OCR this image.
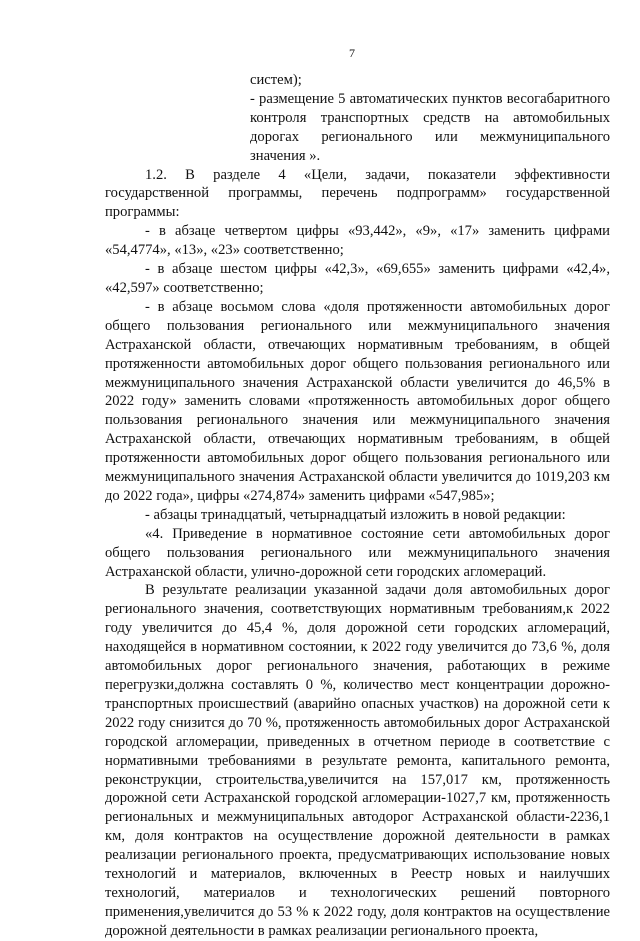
7

систем);

- размещение 5 автоматических пунктов весогабаритного контроля транспортных средств на автомобильных дорогах регионального или межмуниципального значения ».

1.2. В разделе 4 «Цели, задачи, показатели эффективности государственной программы, перечень подпрограмм» государственной программы:

- в абзаце четвертом цифры «93,442», «9», «17» заменить цифрами «54,4774», «13», «23» соответственно;

- в абзаце шестом цифры «42,3», «69,655» заменить цифрами «42,4», «42,597» соответственно;

- в абзаце восьмом слова «доля протяженности автомобильных дорог общего пользования регионального или межмуниципального значения Астраханской области, отвечающих нормативным требованиям, в общей протяженности автомобильных дорог общего пользования регионального или межмуниципального значения Астраханской области увеличится до 46,5% в 2022 году» заменить словами «протяженность автомобильных дорог общего пользования регионального значения или межмуниципального значения Астраханской области, отвечающих нормативным требованиям, в общей протяженности автомобильных дорог общего пользования регионального или межмуниципального значения Астраханской области увеличится до 1019,203 км до 2022 года», цифры «274,874» заменить цифрами «547,985»;

- абзацы тринадцатый, четырнадцатый изложить в новой редакции:

«4. Приведение в нормативное состояние сети автомобильных дорог общего пользования регионального или межмуниципального значения Астраханской области, улично-дорожной сети городских агломераций.

В результате реализации указанной задачи доля автомобильных дорог регионального значения, соответствующих нормативным требованиям,к 2022 году увеличится до 45,4 %, доля дорожной сети городских агломераций, находящейся в нормативном состоянии, к 2022 году увеличится до 73,6 %, доля автомобильных дорог регионального значения, работающих в режиме перегрузки,должна составлять 0 %, количество мест концентрации дорожно-транспортных происшествий (аварийно опасных участков) на дорожной сети к 2022 году снизится до 70 %, протяженность автомобильных дорог Астраханской городской агломерации, приведенных в отчетном периоде в соответствие с нормативными требованиями в результате ремонта, капитального ремонта, реконструкции, строительства,увеличится на 157,017 км, протяженность дорожной сети Астраханской городской агломерации-1027,7 км, протяженность региональных и межмуниципальных автодорог Астраханской области-2236,1 км, доля контрактов на осуществление дорожной деятельности в рамках реализации регионального проекта, предусматривающих использование новых технологий и материалов, включенных в Реестр новых и наилучших технологий, материалов и технологических решений повторного применения,увеличится до 53 % к 2022 году, доля контрактов на осуществление дорожной деятельности в рамках реализации регионального проекта,
